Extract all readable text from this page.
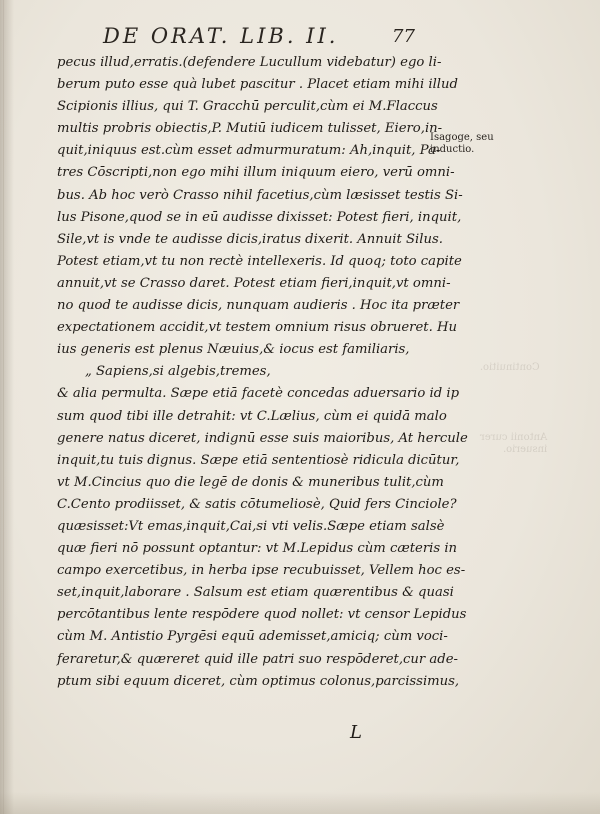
DE ORAT. LIB. II.	77
pecus illud,erratis.(defendere Lucullum videbatur) ego li-
berum puto esse quà lubet pascitur . Placet etiam mihi illud
Scipionis illius, qui T. Gracchū perculit,cùm ei M.Flaccus
multis probris obiectis,P. Mutiū iudicem tulisset, Eiero,in-
quit,iniquus est.cùm esset admurmuratum: Ah,inquit, Pa-
tres Cōscripti,non ego mihi illum iniquum eiero, verū omni-
bus. Ab hoc verò Crasso nihil facetius,cùm læsisset testis Si-
lus Pisone,quod se in eū audisse dixisset: Potest fieri, inquit,
Sile,vt is vnde te audisse dicis,iratus dixerit. Annuit Silus.
Potest etiam,vt tu non rectè intellexeris. Id quoq; toto capite
annuit,vt se Crasso daret. Potest etiam fieri,inquit,vt omni-
no quod te audisse dicis, nunquam audieris . Hoc ita præter
expectationem accidit,vt testem omnium risus obrueret. Hu
ius generis est plenus Næuius,& iocus est familiaris,
„ Sapiens,si algebis,tremes,
& alia permulta. Sæpe etiā facetè concedas aduersario id ip
sum quod tibi ille detrahit: vt C.Lælius, cùm ei quidā malo
genere natus diceret, indignū esse suis maioribus, At hercule
inquit,tu tuis dignus. Sæpe etiā sententiosè ridicula dicūtur,
vt M.Cincius quo die legē de donis & muneribus tulit,cùm
C.Cento prodiisset, & satis cōtumeliosè, Quid fers Cinciole?
quæsisset:Vt emas,inquit,Cai,si vti velis.Sæpe etiam salsè
quæ fieri nō possunt optantur: vt M.Lepidus cùm cæteris in
campo exercetibus, in herba ipse recubuisset, Vellem hoc es-
set,inquit,laborare . Salsum est etiam quærentibus & quasi
percōtantibus lente respōdere quod nollet: vt censor Lepidus
cùm M. Antistio Pyrgēsi equū ademisset,amiciq; cùm voci-
feraretur,& quæreret quid ille patri suo respōderet,cur ade-
ptum sibi equum diceret, cùm optimus colonus,parcissimus,
Isagoge, seu
inductio.
Continuitio.
Antonii curer
insuerio.
L
